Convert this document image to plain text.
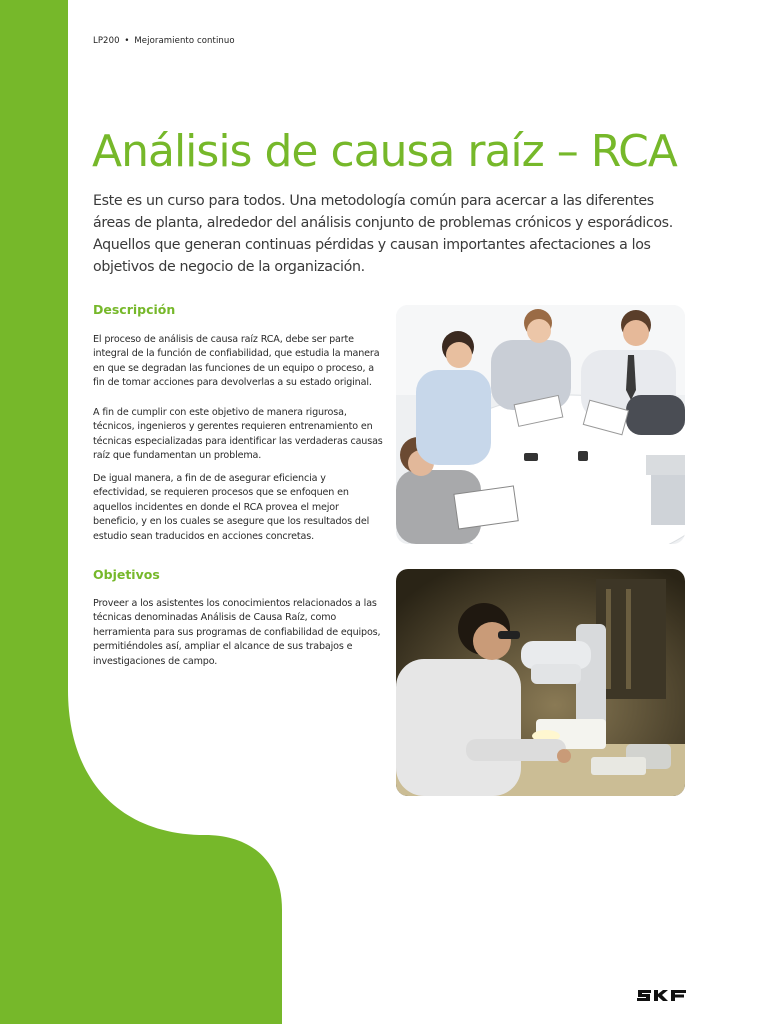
LP200 • Mejoramiento continuo
Análisis de causa raíz – RCA

Este es un curso para todos. Una metodología común para acercar a las diferentes áreas de planta, alrededor del análisis conjunto de problemas crónicos y esporádicos. Aquellos que generan continuas pérdidas y causan importantes afectaciones a los objetivos de negocio de la organización.

Descripción

El proceso de análisis de causa raíz RCA, debe ser parte integral de la función de confiabilidad, que estudia la manera en que se degradan las funciones de un equipo o proceso, a fin de tomar acciones para devolverlas a su estado original.

A fin de cumplir con este objetivo de manera rigurosa, técnicos, ingenieros y gerentes requieren entrenamiento en técnicas especializadas para identificar las verdaderas causas raíz que fundamentan un problema.

De igual manera, a fin de de asegurar eficiencia y efectividad, se requieren procesos que se enfoquen en aquellos incidentes en donde el RCA provea el mejor beneficio, y en los cuales se asegure que los resultados del estudio sean traducidos en acciones concretas.

Objetivos

Proveer a los asistentes los conocimientos relacionados a las técnicas denominadas Análisis de Causa Raíz, como herramienta para sus programas de confiabilidad de equipos, permitiéndoles así, ampliar el alcance de sus trabajos e investigaciones de campo.
